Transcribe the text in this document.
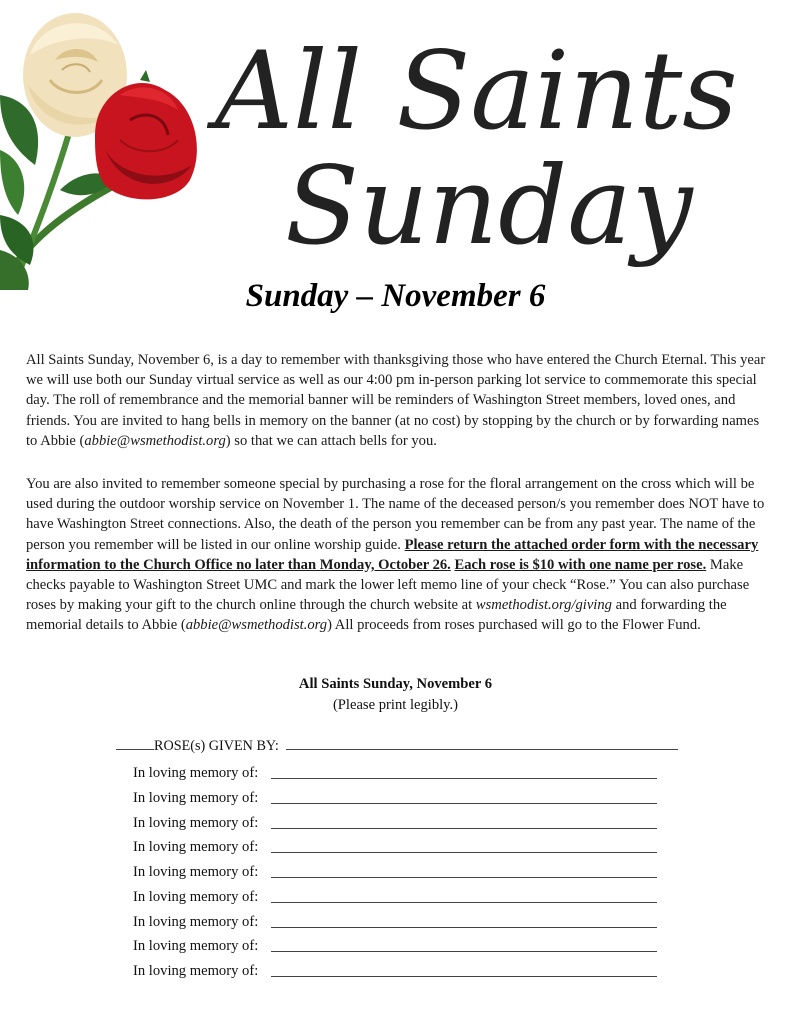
All Saints
Sunday
Sunday – November 6
All Saints Sunday, November 6, is a day to remember with thanksgiving those who have entered the Church Eternal. This year we will use both our Sunday virtual service as well as our 4:00 pm in-person parking lot service to commemorate this special day. The roll of remembrance and the memorial banner will be reminders of Washington Street members, loved ones, and friends. You are invited to hang bells in memory on the banner (at no cost) by stopping by the church or by forwarding names to Abbie (abbie@wsmethodist.org) so that we can attach bells for you.
You are also invited to remember someone special by purchasing a rose for the floral arrangement on the cross which will be used during the outdoor worship service on November 1. The name of the deceased person/s you remember does NOT have to have Washington Street connections. Also, the death of the person you remember can be from any past year. The name of the person you remember will be listed in our online worship guide. Please return the attached order form with the necessary information to the Church Office no later than Monday, October 26. Each rose is $10 with one name per rose. Make checks payable to Washington Street UMC and mark the lower left memo line of your check “Rose.” You can also purchase roses by making your gift to the church online through the church website at wsmethodist.org/giving and forwarding the memorial details to Abbie (abbie@wsmethodist.org) All proceeds from roses purchased will go to the Flower Fund.
All Saints Sunday, November 6
(Please print legibly.)
ROSE(s) GIVEN BY:
In loving memory of:
In loving memory of:
In loving memory of:
In loving memory of:
In loving memory of:
In loving memory of:
In loving memory of:
In loving memory of:
In loving memory of:
